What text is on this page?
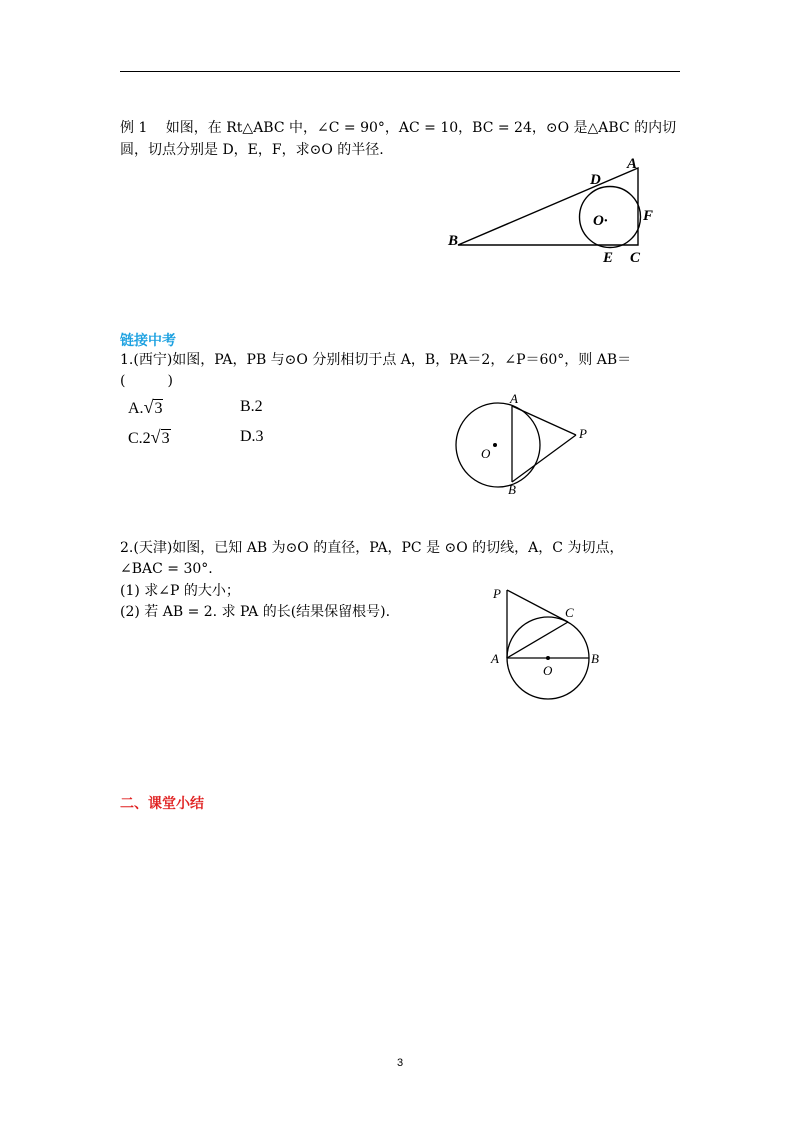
例 1　 如图，在 Rt△ABC 中，∠C = 90°，AC = 10，BC = 24，⊙O 是△ABC 的内切
圆，切点分别是 D，E，F，求⊙O 的半径.
A
B
C
D
E
F
O·
链接中考
1.(西宁)如图，PA，PB 与⊙O 分别相切于点 A，B，PA＝2，∠P＝60°，则 AB＝
(　　　)
A.√3	B.2
C.2√3	D.3
A
B
P
O
2.(天津)如图，已知 AB 为⊙O 的直径，PA，PC 是 ⊙O 的切线，A，C 为切点，
∠BAC = 30°.
(1) 求∠P 的大小；
(2) 若 AB = 2. 求 PA 的长(结果保留根号).
P
C
A	B
O
二、课堂小结
3
